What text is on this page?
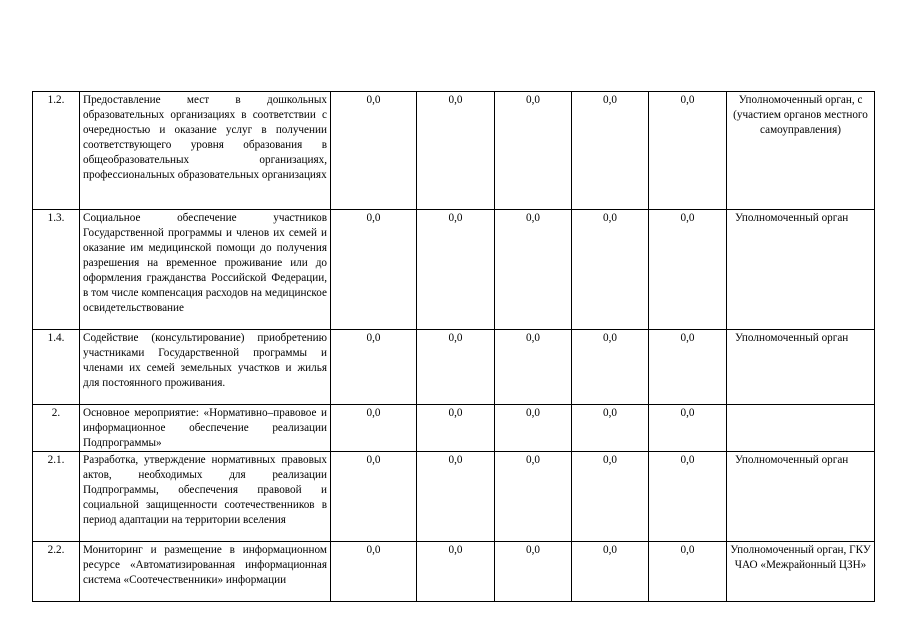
1.2.	Предоставление мест в дошкольных образовательных организациях в соответствии с очередностью и оказание услуг в получении соответствующего уровня образования в общеобразовательных организациях, профессиональных образовательных организациях	0,0	0,0	0,0	0,0	0,0	Уполномоченный орган, с (участием органов местного самоуправления)
1.3.	Социальное обеспечение участников Государственной программы и членов их семей и оказание им медицинской помощи до получения разрешения на временное проживание или до оформления гражданства Российской Федерации, в том числе компенсация расходов на медицинское освидетельствование	0,0	0,0	0,0	0,0	0,0	Уполномоченный орган
1.4.	Содействие (консультирование) приобретению участниками Государственной программы и членами их семей земельных участков и жилья для постоянного проживания.	0,0	0,0	0,0	0,0	0,0	Уполномоченный орган
2.	Основное мероприятие: «Нормативно–правовое и информационное обеспечение реализации Подпрограммы»	0,0	0,0	0,0	0,0	0,0	
2.1.	Разработка, утверждение нормативных правовых актов, необходимых для реализации Подпрограммы, обеспечения правовой и социальной защищенности соотечественников в период адаптации на территории вселения	0,0	0,0	0,0	0,0	0,0	Уполномоченный орган
2.2.	Мониторинг и размещение в информационном ресурсе «Автоматизированная информационная система «Соотечественники» информации	0,0	0,0	0,0	0,0	0,0	Уполномоченный орган, ГКУ ЧАО «Межрайонный ЦЗН»
